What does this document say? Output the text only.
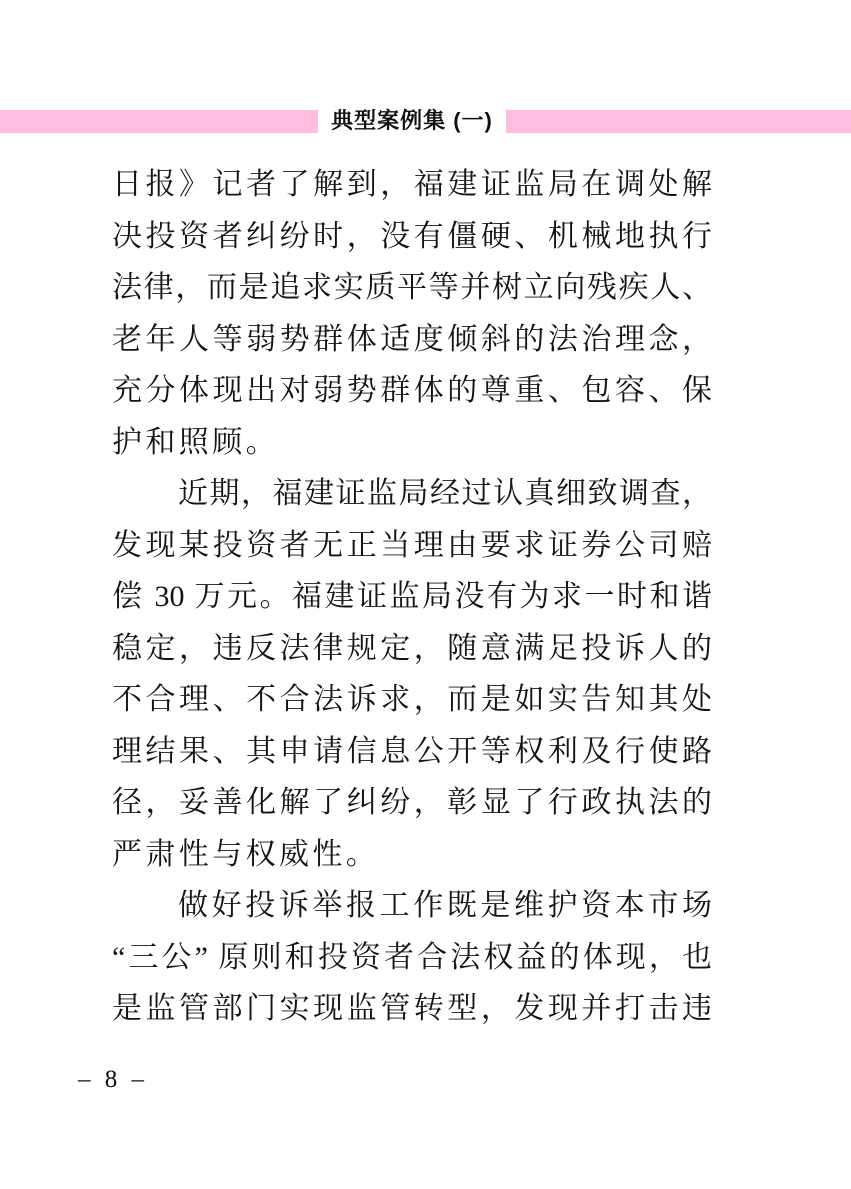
典型案例集 (一)
日报》记者了解到，福建证监局在调处解
决投资者纠纷时，没有僵硬、机械地执行
法律，而是追求实质平等并树立向残疾人、
老年人等弱势群体适度倾斜的法治理念，
充分体现出对弱势群体的尊重、包容、保
护和照顾。
近期，福建证监局经过认真细致调查，
发现某投资者无正当理由要求证券公司赔
偿 30 万元。福建证监局没有为求一时和谐
稳定，违反法律规定，随意满足投诉人的
不合理、不合法诉求，而是如实告知其处
理结果、其申请信息公开等权利及行使路
径，妥善化解了纠纷，彰显了行政执法的
严肃性与权威性。
做好投诉举报工作既是维护资本市场
“三公” 原则和投资者合法权益的体现，也
是监管部门实现监管转型，发现并打击违
– 8 –
